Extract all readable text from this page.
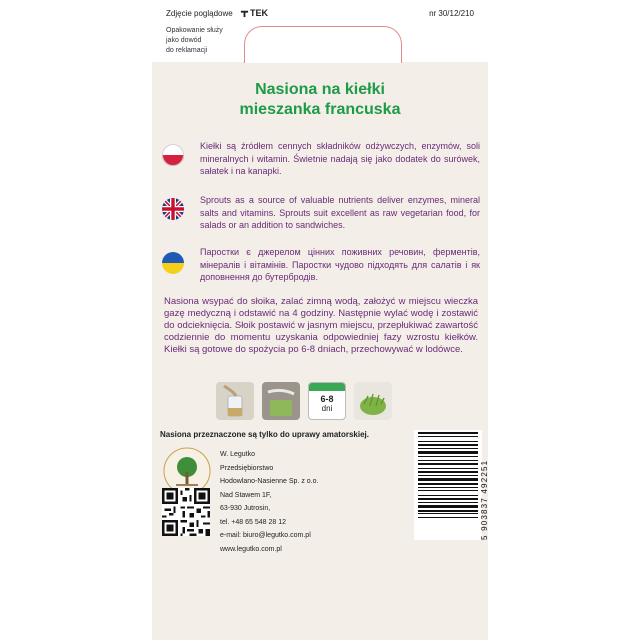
Zdjęcie poglądowe TEK	nr 30/12/210
Opakowanie służy
jako dowód
do reklamacji
Nasiona na kiełki
mieszanka francuska
Kiełki są źródłem cennych składników odżywczych, enzymów, soli mineralnych i witamin. Świetnie nadają się jako dodatek do surówek, sałatek i na kanapki.
Sprouts as a source of valuable nutrients deliver enzymes, mineral salts and vitamins. Sprouts suit excellent as raw vegetarian food, for salads or an addition to sandwiches.
Паростки є джерелом цінних поживних речовин, ферментів, мінералів і вітамінів. Паростки чудово підходять для салатів і як доповнення до бутербродів.
Nasiona wsypać do słoika, zalać zimną wodą, założyć w miejscu wieczka gazę medyczną i odstawić na 4 godziny. Następnie wylać wodę i zostawić do odcieknięcia. Słoik postawić w jasnym miejscu, przepłukiwać zawartość codziennie do momentu uzyskania odpowiedniej fazy wzrostu kiełków. Kiełki są gotowe do spożycia po 6-8 dniach, przechowywać w lodówce.
6-8
dni
Nasiona przeznaczone są tylko do uprawy amatorskiej.
W. Legutko
Przedsiębiorstwo
Hodowlano-Nasienne Sp. z o.o.
Nad Stawem 1F,
63-930 Jutrosin,
tel. +48 65 548 28 12
e-mail: biuro@legutko.com.pl
www.legutko.com.pl
5 903837 492251
